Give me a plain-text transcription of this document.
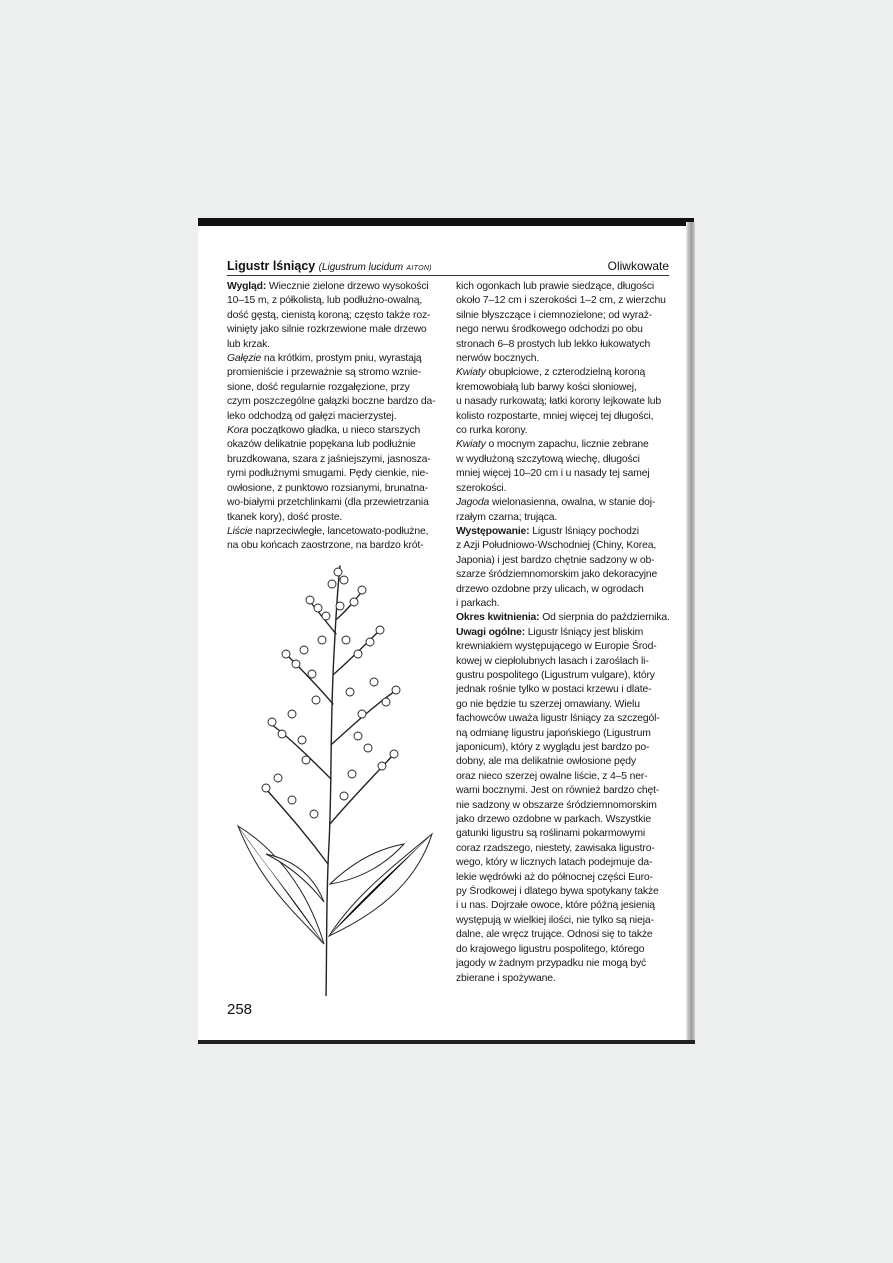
Ligustr lśniący (Ligustrum lucidum AITON)	Oliwkowate
Wygląd: Wiecznie zielone drzewo wysokości
10–15 m, z półkolistą, lub podłużno-owalną,
dość gęstą, cienistą koroną; często także roz-
winięty jako silnie rozkrzewione małe drzewo
lub krzak.
Gałęzie na krótkim, prostym pniu, wyrastają
promieniście i przeważnie są stromo wznie-
sione, dość regularnie rozgałęzione, przy
czym poszczególne gałązki boczne bardzo da-
leko odchodzą od gałęzi macierzystej.
Kora początkowo gładka, u nieco starszych
okazów delikatnie popękana lub podłużnie
bruzdkowana, szara z jaśniejszymi, jasnosza-
rymi podłużnymi smugami. Pędy cienkie, nie-
owłosione, z punktowo rozsianymi, brunatna-
wo-białymi przetchlinkami (dla przewietrzania
tkanek kory), dość proste.
Liście naprzeciwległe, lancetowato-podłużne,
na obu końcach zaostrzone, na bardzo krót-
kich ogonkach lub prawie siedzące, długości
około 7–12 cm i szerokości 1–2 cm, z wierzchu
silnie błyszczące i ciemnozielone; od wyraź-
nego nerwu środkowego odchodzi po obu
stronach 6–8 prostych lub lekko łukowatych
nerwów bocznych.
Kwiaty obupłciowe, z czterodzielną koroną
kremowobiałą lub barwy kości słoniowej,
u nasady rurkowatą; łatki korony lejkowate lub
kolisto rozpostarte, mniej więcej tej długości,
co rurka korony.
Kwiaty o mocnym zapachu, licznie zebrane
w wydłużoną szczytową wiechę, długości
mniej więcej 10–20 cm i u nasady tej samej
szerokości.
Jagoda wielonasienna, owalna, w stanie doj-
rzałym czarna; trująca.
Występowanie: Ligustr lśniący pochodzi
z Azji Południowo-Wschodniej (Chiny, Korea,
Japonia) i jest bardzo chętnie sadzony w ob-
szarze śródziemnomorskim jako dekoracyjne
drzewo ozdobne przy ulicach, w ogrodach
i parkach.
Okres kwitnienia: Od sierpnia do października.
Uwagi ogólne: Ligustr lśniący jest bliskim
krewniakiem występującego w Europie Środ-
kowej w ciepłolubnych lasach i zaroślach li-
gustru pospolitego (Ligustrum vulgare), który
jednak rośnie tylko w postaci krzewu i dlate-
go nie będzie tu szerzej omawiany. Wielu
fachowców uważa ligustr lśniący za szczegól-
ną odmianę ligustru japońskiego (Ligustrum
japonicum), który z wyglądu jest bardzo po-
dobny, ale ma delikatnie owłosione pędy
oraz nieco szerzej owalne liście, z 4–5 ner-
wami bocznymi. Jest on również bardzo chęt-
nie sadzony w obszarze śródziemnomorskim
jako drzewo ozdobne w parkach. Wszystkie
gatunki ligustru są roślinami pokarmowymi
coraz rzadszego, niestety, zawisaka ligustro-
wego, który w licznych latach podejmuje da-
lekie wędrówki aż do północnej części Euro-
py Środkowej i dlatego bywa spotykany także
i u nas. Dojrzałe owoce, które późną jesienią
występują w wielkiej ilości, nie tylko są nieja-
dalne, ale wręcz trujące. Odnosi się to także
do krajowego ligustru pospolitego, którego
jagody w żadnym przypadku nie mogą być
zbierane i spożywane.
258
